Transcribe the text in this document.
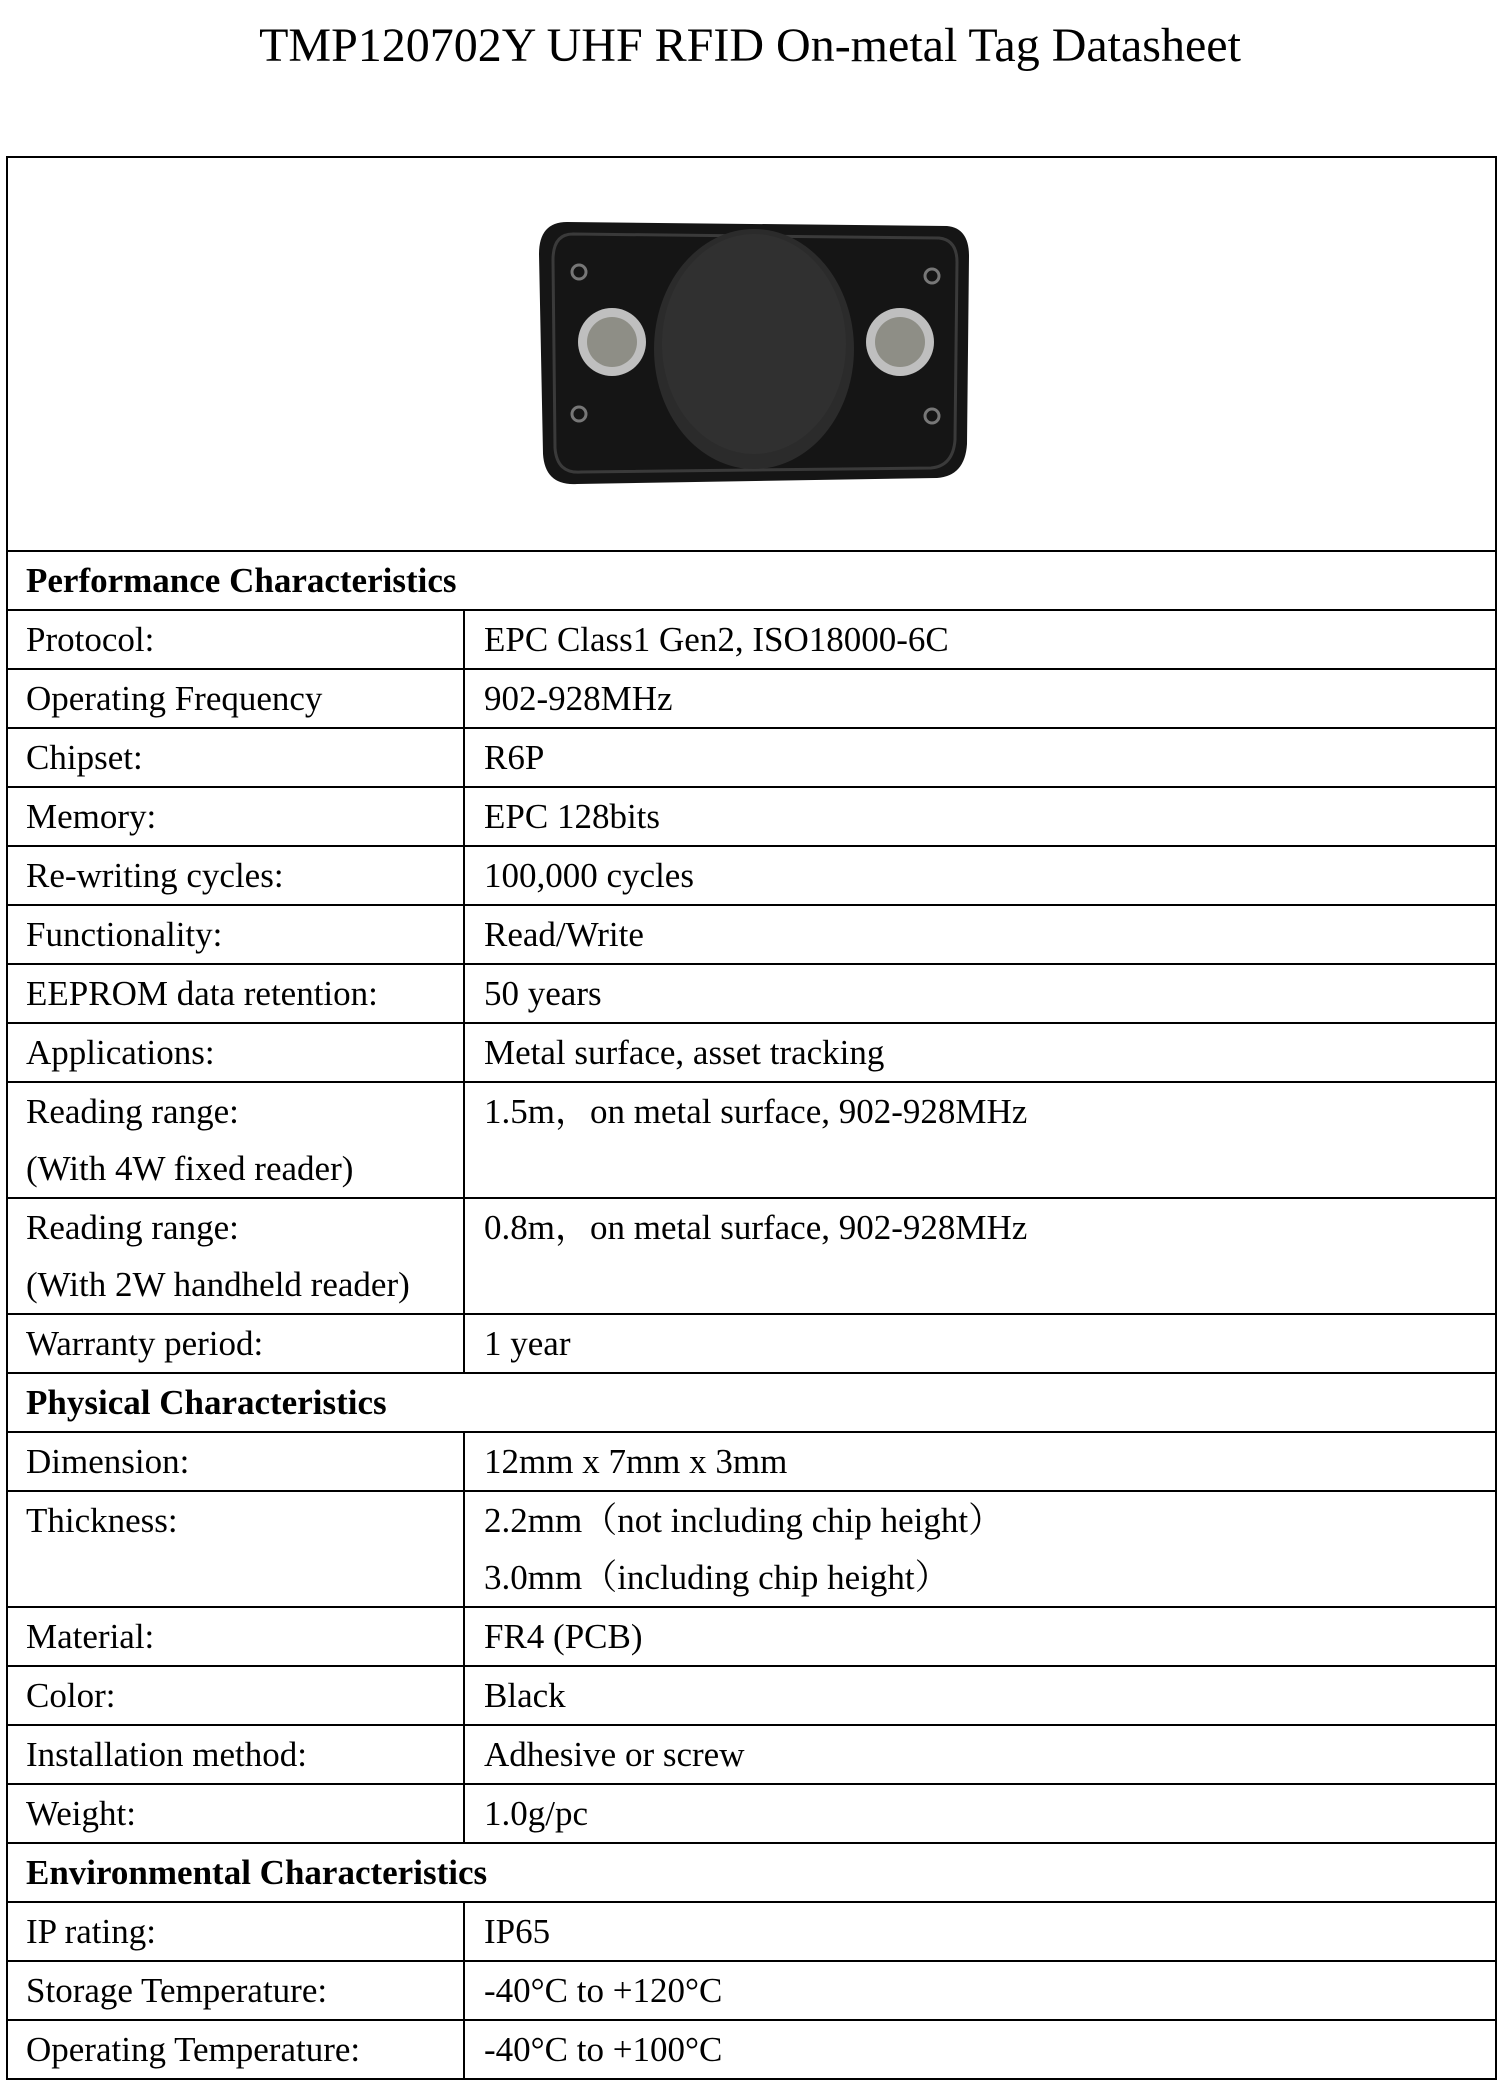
TMP120702Y UHF RFID On-metal Tag Datasheet

Performance Characteristics	
Protocol:	EPC Class1 Gen2, ISO18000-6C
Operating Frequency	902-928MHz
Chipset:	R6P
Memory:	EPC 128bits
Re-writing cycles:	100,000 cycles
Functionality:	Read/Write
EEPROM data retention:	50 years
Applications:	Metal surface, asset tracking

Reading range:
(With 4W fixed reader)	1.5m，on metal surface, 902-928MHz

Reading range:
(With 2W handheld reader)	0.8m，on metal surface, 902-928MHz
Warranty period:	1 year
Physical Characteristics	
Dimension:	12mm x 7mm x 3mm
Thickness:	2.2mm（not including chip height）
3.0mm（including chip height）

Material:	FR4 (PCB)
Color:	Black
Installation method:	Adhesive or screw
Weight:	1.0g/pc
Environmental Characteristics	
IP rating:	IP65
Storage Temperature:	-40°C to +120°C
Operating Temperature:	-40°C to +100°C
